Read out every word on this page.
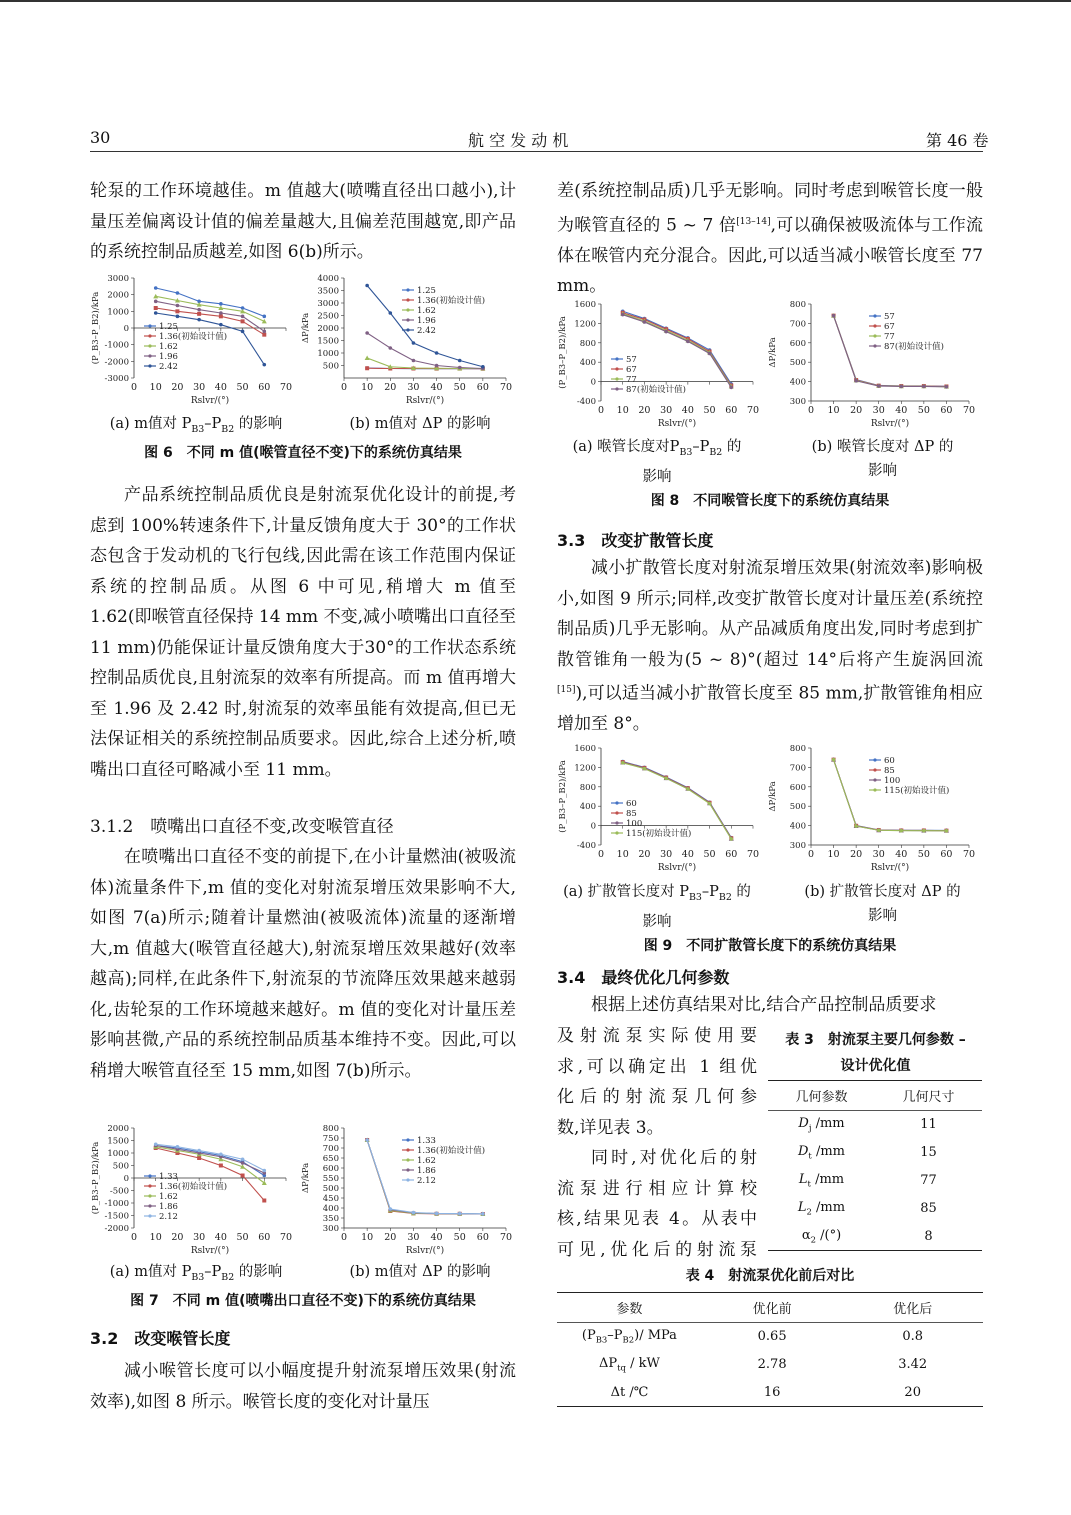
30	航 空 发 动 机	第 46 卷
轮泵的工作环境越佳。m 值越大(喷嘴直径出口越小),计量压差偏离设计值的偏差量越大,且偏差范围越宽,即产品的系统控制品质越差,如图 6(b)所示。
3000
2000
1000
0
-1000
-2000
-3000
0 10 20 30 40 50 60 70
Rslvr/(°)
(P_B3–P_B2)/kPa	1.25
1.36(初始设计值)
1.62
1.96
2.42
4000
3500
3000
2500
2000
1500
1000
500
0 10 20 30 40 50 60 70
Rslvr/(°)
ΔP/kPa
1.25
1.36(初始设计值)
1.62
1.96
2.42
(a) m值对 $P_{B3}-P_{B2}$ 的影响	(b) m值对 ΔP 的影响
图 6　不同 m 值(喉管直径不变)下的系统仿真结果
产品系统控制品质优良是射流泵优化设计的前提,考虑到 100%转速条件下,计量反馈角度大于 30°的工作状态包含于发动机的飞行包线,因此需在该工作范围内保证系统的控制品质。从图 6 中可见,稍增大 m 值至 1.62(即喉管直径保持 14 mm 不变,减小喷嘴出口直径至 11 mm)仍能保证计量反馈角度大于30°的工作状态系统控制品质优良,且射流泵的效率有所提高。而 m 值再增大至 1.96 及 2.42 时,射流泵的效率虽能有效提高,但已无法保证相关的系统控制品质要求。因此,综合上述分析,喷嘴出口直径可略减小至 11 mm。
3.1.2　喷嘴出口直径不变,改变喉管直径
在喷嘴出口直径不变的前提下,在小计量燃油(被吸流体)流量条件下,m 值的变化对射流泵增压效果影响不大,如图 7(a)所示;随着计量燃油(被吸流体)流量的逐渐增大,m 值越大(喉管直径越大),射流泵增压效果越好(效率越高);同样,在此条件下,射流泵的节流降压效果越来越弱化,齿轮泵的工作环境越来越好。m 值的变化对计量压差影响甚微,产品的系统控制品质基本维持不变。因此,可以稍增大喉管直径至 15 mm,如图 7(b)所示。
2000
1500
1000
500
0
-500
-1000
-1500
-2000
0 10 20 30 40 50 60 70
Rslvr/(°)
(P_B3–P_B2)/kPa	1.33
1.36(初始设计值)
1.62
1.86
2.12
800
750
700
650
600
550
500
450
400
350
300
0 10 20 30 40 50 60 70
Rslvr/(°)
ΔP/kPa
1.33
1.36(初始设计值)
1.62
1.86
2.12
(a) m值对 $P_{B3}-P_{B2}$ 的影响	(b) m值对 ΔP 的影响
图 7　不同 m 值(喷嘴出口直径不变)下的系统仿真结果
3.2　改变喉管长度
减小喉管长度可以小幅度提升射流泵增压效果(射流效率),如图 8 所示。喉管长度的变化对计量压
差(系统控制品质)几乎无影响。同时考虑到喉管长度一般为喉管直径的 5 ~ 7 倍[13–14],可以确保被吸流体与工作流体在喉管内充分混合。因此,可以适当减小喉管长度至 77 mm。
1600
1200
800
400
0
-400
0 10 20 30 40 50 60 70
Rslvr/(°)
(P_B3–P_B2)/kPa	57
67
77
87(初始设计值)
800
700
600
500
400
300
0 10 20 30 40 50 60 70
Rslvr/(°)
ΔP/kPa
57
67
77
87(初始设计值)
(a) 喉管长度对$P_{B3}-P_{B2}$ 的
影响
(b) 喉管长度对 ΔP 的
影响
图 8　不同喉管长度下的系统仿真结果
3.3　改变扩散管长度
减小扩散管长度对射流泵增压效果(射流效率)影响极小,如图 9 所示;同样,改变扩散管长度对计量压差(系统控制品质)几乎无影响。从产品减质角度出发,同时考虑到扩散管锥角一般为(5 ~ 8)°(超过 14°后将产生旋涡回流[15]),可以适当减小扩散管长度至 85 mm,扩散管锥角相应增加至 8°。
1600
1200
800
400
0
-400
0 10 20 30 40 50 60 70
Rslvr/(°)
(P_B3–P_B2)/kPa	60
85
100
115(初始设计值)
800
700
600
500
400
300
0 10 20 30 40 50 60 70
Rslvr/(°)
ΔP/kPa
60
85
100
115(初始设计值)
(a) 扩散管长度对 $P_{B3}-P_{B2}$ 的
影响
(b) 扩散管长度对 ΔP 的
影响
图 9　不同扩散管长度下的系统仿真结果
3.4　最终优化几何参数
根据上述仿真结果对比,结合产品控制品质要求
及射流泵实际使用要
求,可以确定出 1 组优
化后的射流泵几何参
数,详见表 3。
同时,对优化后的射
流泵进行相应计算校
核,结果见表 4。从表中
可见,优化后的射流泵
表 3　射流泵主要几何参数 –
设计优化值
几何参数	几何尺寸
$D_j$ /mm	11
$D_t$ /mm	15
$L_t$ /mm	77
$L_2$ /mm	85
$\alpha_2$ /(°)	8
表 4　射流泵优化前后对比
参数	优化前	优化后
$(P_{B3}-P_{B2})/$ MPa	0.65	0.8
$\Delta P_{tq}$ / kW	2.78	3.42
Δt /℃	16	20
